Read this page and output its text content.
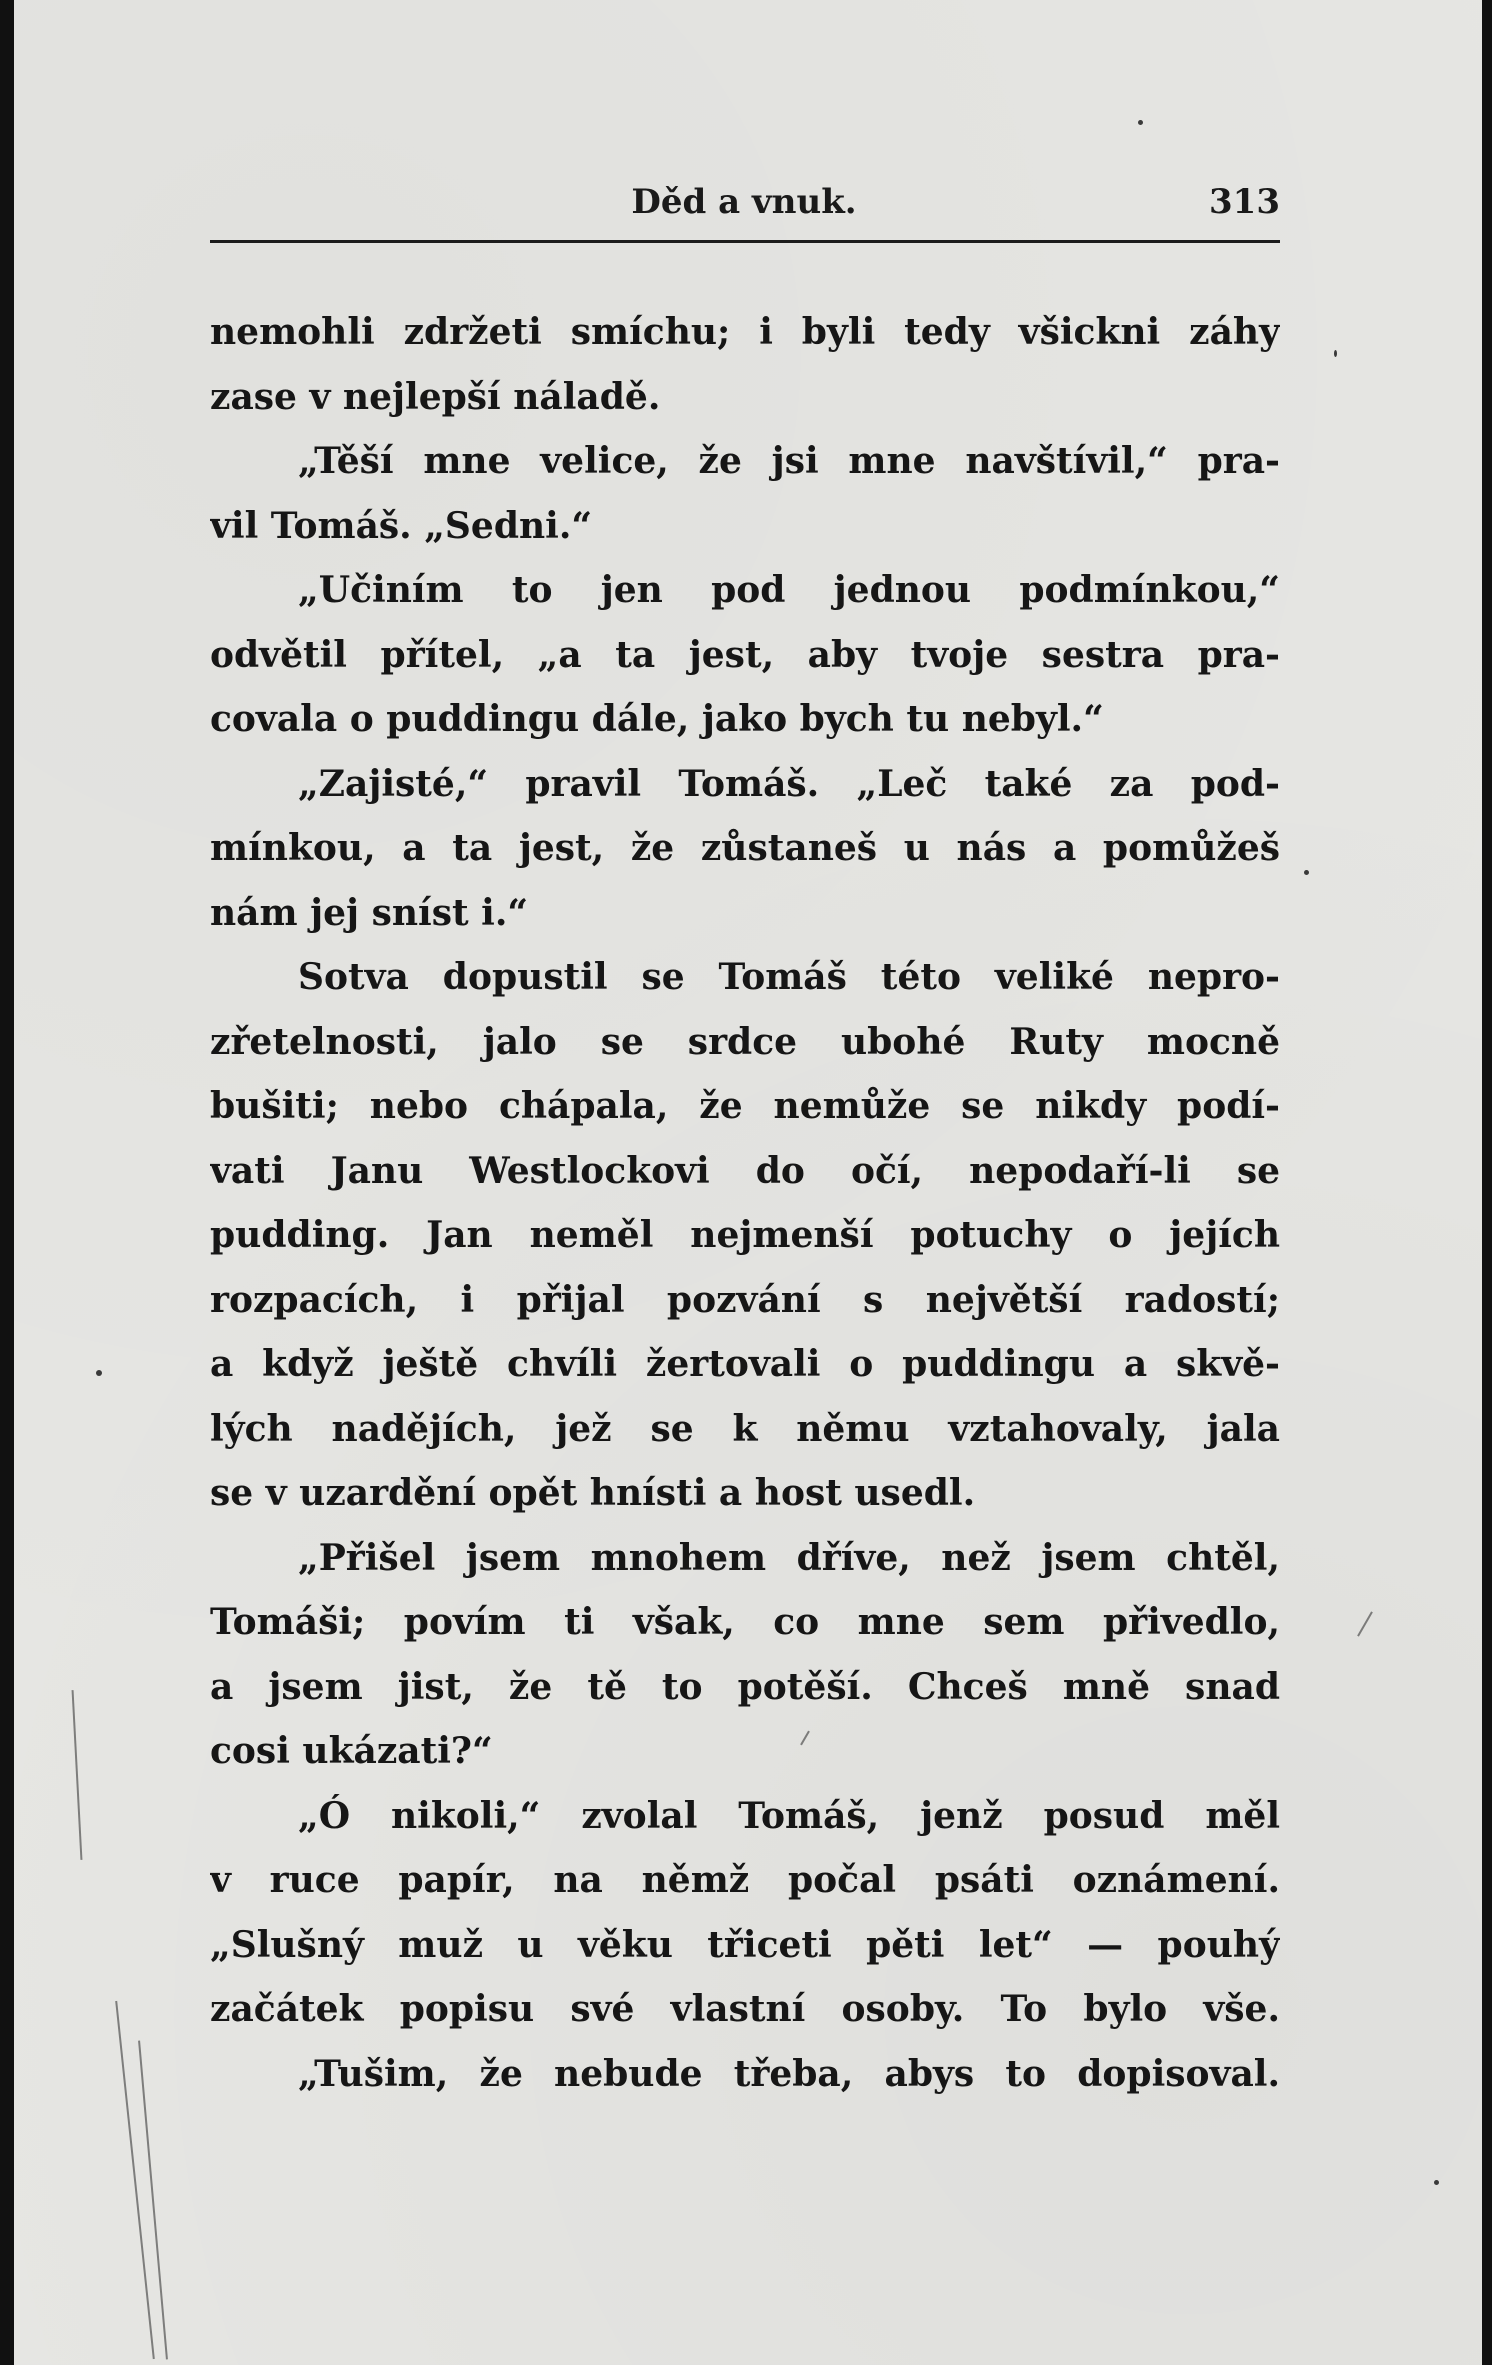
Děd a vnuk.	313
nemohli zdržeti smíchu; i byli tedy všickni záhy
zase v nejlepší náladě.
„Těší mne velice, že jsi mne navštívil,“ pra-
vil Tomáš. „Sedni.“
„Učiním to jen pod jednou podmínkou,“
odvětil přítel, „a ta jest, aby tvoje sestra pra-
covala o puddingu dále, jako bych tu nebyl.“
„Zajisté,“ pravil Tomáš. „Leč také za pod-
mínkou, a ta jest, že zůstaneš u nás a pomůžeš
nám jej sníst i.“
Sotva dopustil se Tomáš této veliké nepro-
zřetelnosti, jalo se srdce ubohé Ruty mocně
bušiti; nebo chápala, že nemůže se nikdy podí-
vati Janu Westlockovi do očí, nepodaří-li se
pudding. Jan neměl nejmenší potuchy o jejích
rozpacích, i přijal pozvání s největší radostí;
a když ještě chvíli žertovali o puddingu a skvě-
lých nadějích, jež se k němu vztahovaly, jala
se v uzardění opět hnísti a host usedl.
„Přišel jsem mnohem dříve, než jsem chtěl,
Tomáši; povím ti však, co mne sem přivedlo,
a jsem jist, že tě to potěší. Chceš mně snad
cosi ukázati?“
„Ó nikoli,“ zvolal Tomáš, jenž posud měl
v ruce papír, na němž počal psáti oznámení.
„Slušný muž u věku třiceti pěti let“ — pouhý
začátek popisu své vlastní osoby. To bylo vše.
„Tušim, že nebude třeba, abys to dopisoval.
